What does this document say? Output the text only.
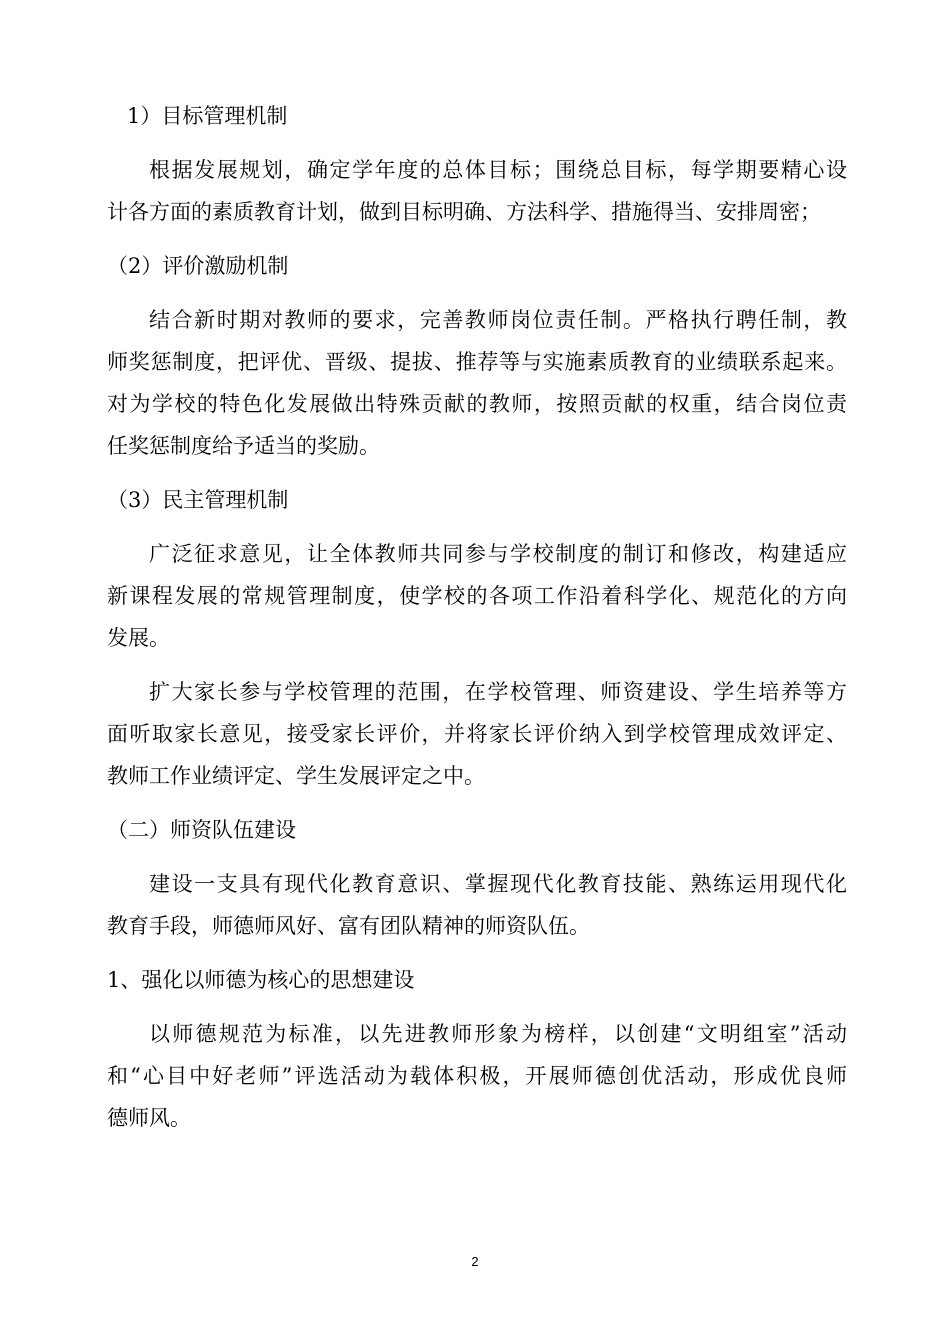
1）目标管理机制
根据发展规划，确定学年度的总体目标；围绕总目标，每学期要精心设
计各方面的素质教育计划，做到目标明确、方法科学、措施得当、安排周密；
（2）评价激励机制
结合新时期对教师的要求，完善教师岗位责任制。严格执行聘任制，教
师奖惩制度，把评优、晋级、提拔、推荐等与实施素质教育的业绩联系起来。
对为学校的特色化发展做出特殊贡献的教师，按照贡献的权重，结合岗位责
任奖惩制度给予适当的奖励。
（3）民主管理机制
广泛征求意见，让全体教师共同参与学校制度的制订和修改，构建适应
新课程发展的常规管理制度，使学校的各项工作沿着科学化、规范化的方向
发展。
扩大家长参与学校管理的范围，在学校管理、师资建设、学生培养等方
面听取家长意见，接受家长评价，并将家长评价纳入到学校管理成效评定、
教师工作业绩评定、学生发展评定之中。
（二）师资队伍建设
建设一支具有现代化教育意识、掌握现代化教育技能、熟练运用现代化
教育手段，师德师风好、富有团队精神的师资队伍。
1、强化以师德为核心的思想建设
以师德规范为标准，以先进教师形象为榜样，以创建“文明组室”活动
和“心目中好老师”评选活动为载体积极，开展师德创优活动，形成优良师
德师风。
2
